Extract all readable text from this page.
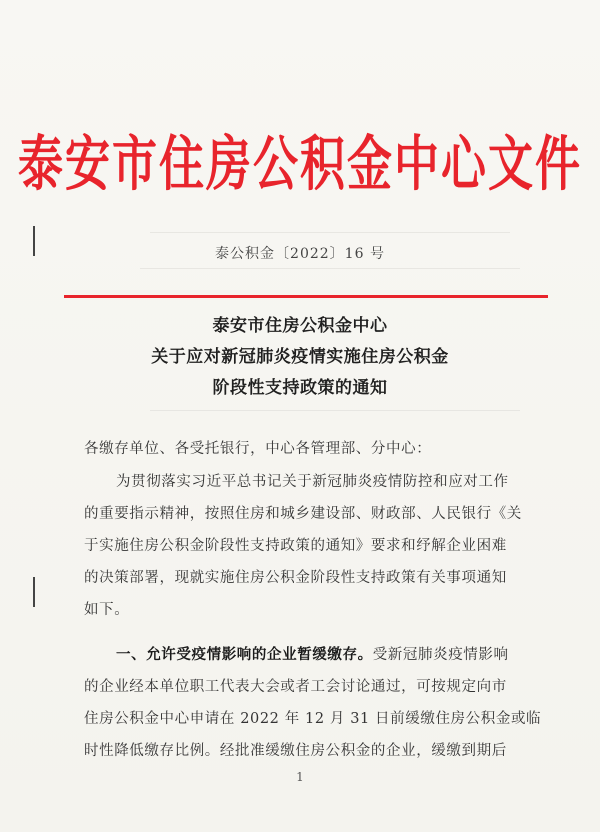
泰安市住房公积金中心文件
泰公积金〔2022〕16 号
泰安市住房公积金中心
关于应对新冠肺炎疫情实施住房公积金
阶段性支持政策的通知
各缴存单位、各受托银行，中心各管理部、分中心：
为贯彻落实习近平总书记关于新冠肺炎疫情防控和应对工作
的重要指示精神，按照住房和城乡建设部、财政部、人民银行《关
于实施住房公积金阶段性支持政策的通知》要求和纾解企业困难
的决策部署，现就实施住房公积金阶段性支持政策有关事项通知
如下。
一、允许受疫情影响的企业暂缓缴存。受新冠肺炎疫情影响
的企业经本单位职工代表大会或者工会讨论通过，可按规定向市
住房公积金中心申请在 2022 年 12 月 31 日前缓缴住房公积金或临
时性降低缴存比例。经批准缓缴住房公积金的企业，缓缴到期后
1
